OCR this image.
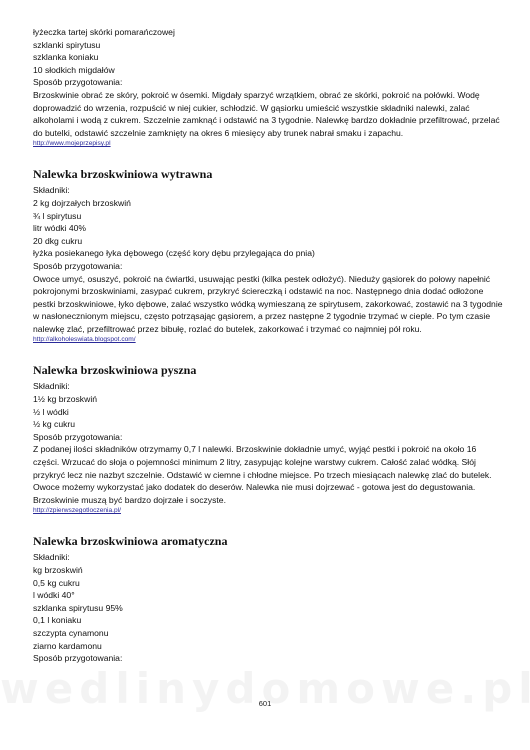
łyżeczka tartej skórki pomarańczowej

szklanki spirytusu

szklanka koniaku

10 słodkich migdałów

Sposób przygotowania:

Brzoskwinie obrać ze skóry, pokroić w ósemki. Migdały sparzyć wrzątkiem, obrać ze skórki, pokroić na połówki. Wodę doprowadzić do wrzenia, rozpuścić w niej cukier, schłodzić. W gąsiorku umieścić wszystkie składniki nalewki, zalać alkoholami i wodą z cukrem. Szczelnie zamknąć i odstawić na 3 tygodnie. Nalewkę bardzo dokładnie przefiltrować, przelać do butelki, odstawić szczelnie zamknięty na okres 6 miesięcy aby trunek nabrał smaku i zapachu.

http://www.mojeprzepisy.pl
Nalewka brzoskwiniowa wytrawna

Składniki:

2 kg dojrzałych brzoskwiń

¾ l spirytusu

litr wódki 40%

20 dkg cukru

łyżka posiekanego łyka dębowego (część kory dębu przylegająca do pnia)

Sposób przygotowania:

Owoce umyć, osuszyć, pokroić na ćwiartki, usuwając pestki (kilka pestek odłożyć). Nieduży gąsiorek do połowy napełnić pokrojonymi brzoskwiniami, zasypać cukrem, przykryć ściereczką i odstawić na noc. Następnego dnia dodać odłożone pestki brzoskwiniowe, łyko dębowe, zalać wszystko wódką wymieszaną ze spirytusem, zakorkować, zostawić na 3 tygodnie w nasłonecznionym miejscu, często potrząsając gąsiorem, a przez następne 2 tygodnie trzymać w cieple. Po tym czasie nalewkę zlać, przefiltrować przez bibułę, rozlać do butelek, zakorkować i trzymać co najmniej pół roku.

http://alkoholeswiata.blogspot.com/
Nalewka brzoskwiniowa pyszna

Składniki:

1½ kg brzoskwiń

½ l wódki

½ kg cukru

Sposób przygotowania:

Z podanej ilości składników otrzymamy 0,7 l nalewki. Brzoskwinie dokładnie umyć, wyjąć pestki i pokroić na około 16 części. Wrzucać do słoja o pojemności minimum 2 litry, zasypując kolejne warstwy cukrem. Całość zalać wódką. Słój przykryć lecz nie nazbyt szczelnie. Odstawić w ciemne i chłodne miejsce. Po trzech miesiącach nalewkę zlać do butelek. Owoce możemy wykorzystać jako dodatek do deserów. Nalewka nie musi dojrzewać - gotowa jest do degustowania. Brzoskwinie muszą być bardzo dojrzałe i soczyste.

http://zpierwszegotloczenia.pl/
Nalewka brzoskwiniowa aromatyczna

Składniki:

kg brzoskwiń

0,5 kg cukru

l wódki 40°

szklanka spirytusu 95%

0,1 l koniaku

szczypta cynamonu

ziarno kardamonu

Sposób przygotowania:

601
